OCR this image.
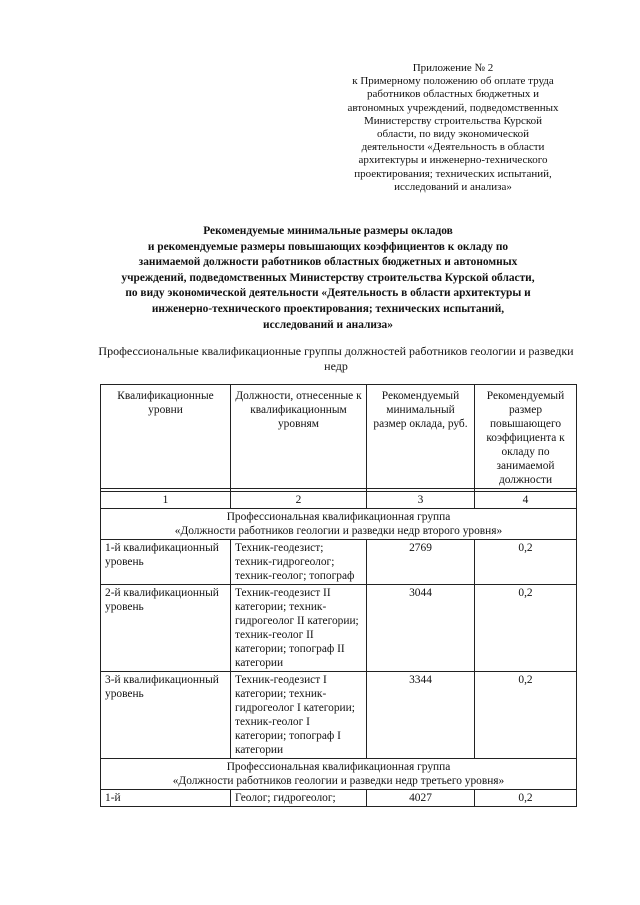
Приложение № 2
к Примерному положению об оплате труда
работников областных бюджетных и
автономных учреждений, подведомственных
Министерству строительства Курской
области, по виду экономической
деятельности «Деятельность в области
архитектуры и инженерно-технического
проектирования; технических испытаний,
исследований и анализа»
Рекомендуемые минимальные размеры окладов
и рекомендуемые размеры повышающих коэффициентов к окладу по
занимаемой должности работников областных бюджетных и автономных
учреждений, подведомственных Министерству строительства Курской области,
по виду экономической деятельности «Деятельность в области архитектуры и
инженерно-технического проектирования; технических испытаний,
исследований и анализа»
Профессиональные квалификационные группы должностей работников геологии и разведки недр
Квалификационные уровни	Должности, отнесенные к квалификационным уровням	Рекомендуемый минимальный размер оклада, руб.	Рекомендуемый размер повышающего коэффициента к окладу по занимаемой должности

1	2	3	4

Профессиональная квалификационная группа
«Должности работников геологии и разведки недр второго уровня»			

1-й квалификационный уровень	Техник-геодезист; техник-гидрогеолог; техник-геолог; топограф	2769	0,2
2-й квалификационный уровень	Техник-геодезист II категории; техник-гидрогеолог II категории; техник-геолог II категории; топограф II категории	3044	0,2
3-й квалификационный уровень	Техник-геодезист I категории; техник-гидрогеолог I категории; техник-геолог I категории; топограф I категории	3344	0,2

Профессиональная квалификационная группа
«Должности работников геологии и разведки недр третьего уровня»			

1-й	Геолог; гидрогеолог;	4027	0,2
